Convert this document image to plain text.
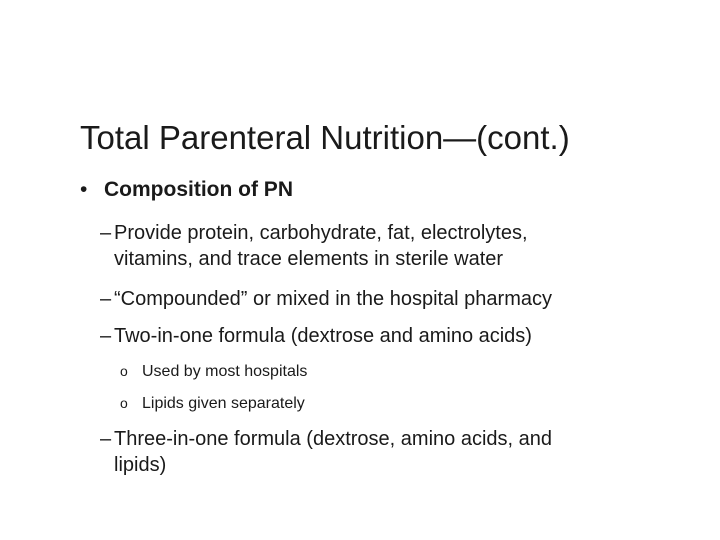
Total Parenteral Nutrition—(cont.)
• Composition of PN
– Provide protein, carbohydrate, fat, electrolytes,
vitamins, and trace elements in sterile water
– “Compounded” or mixed in the hospital pharmacy
– Two-in-one formula (dextrose and amino acids)
o Used by most hospitals
o Lipids given separately
– Three-in-one formula (dextrose, amino acids, and
lipids)
